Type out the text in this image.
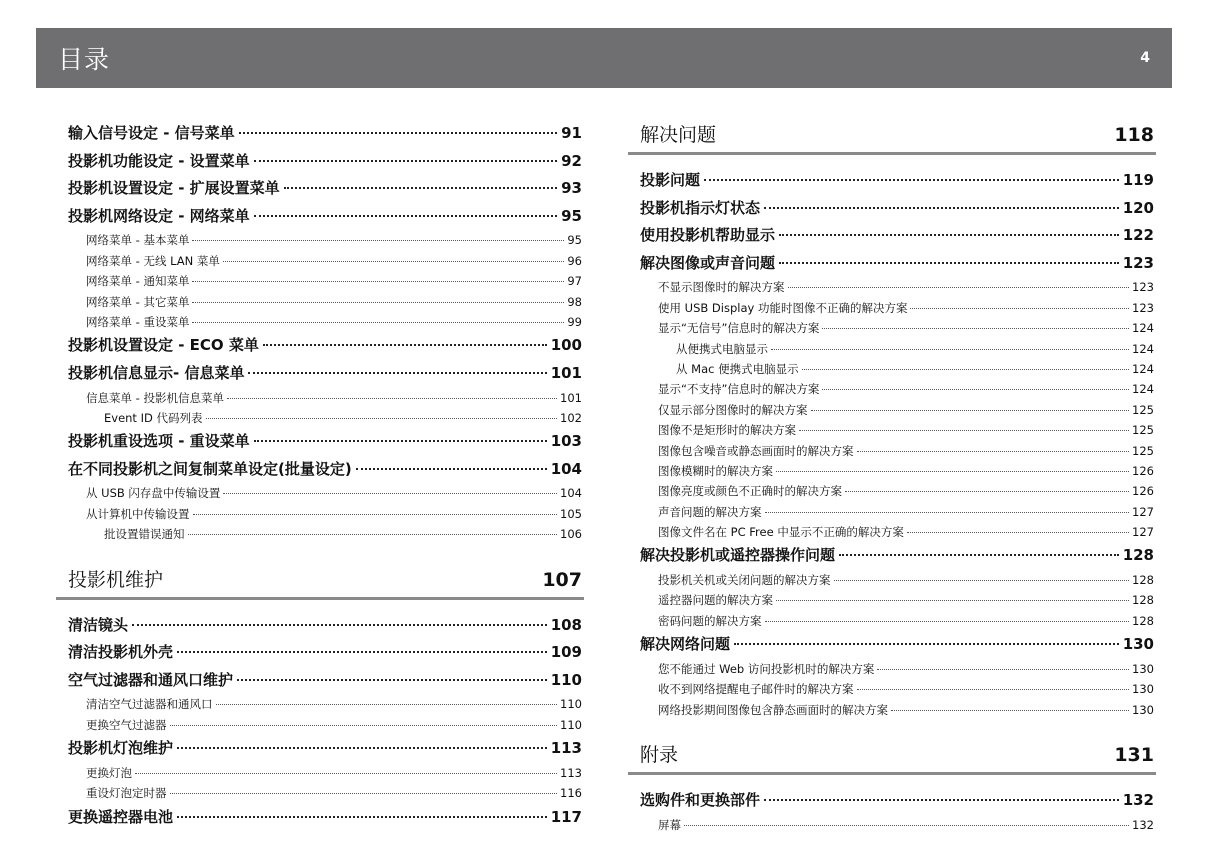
目录	4
输入信号设定 - 信号菜单	91
投影机功能设定 - 设置菜单	92
投影机设置设定 - 扩展设置菜单	93
投影机网络设定 - 网络菜单	95
网络菜单 - 基本菜单	95
网络菜单 - 无线 LAN 菜单	96
网络菜单 - 通知菜单	97
网络菜单 - 其它菜单	98
网络菜单 - 重设菜单	99
投影机设置设定 - ECO 菜单	100
投影机信息显示- 信息菜单	101
信息菜单 - 投影机信息菜单	101
Event ID 代码列表	102
投影机重设选项 - 重设菜单	103
在不同投影机之间复制菜单设定(批量设定)	104
从 USB 闪存盘中传输设置	104
从计算机中传输设置	105
批设置错误通知	106
投影机维护	107
清洁镜头	108
清洁投影机外壳	109
空气过滤器和通风口维护	110
清洁空气过滤器和通风口	110
更换空气过滤器	110
投影机灯泡维护	113
更换灯泡	113
重设灯泡定时器	116
更换遥控器电池	117
解决问题	118
投影问题	119
投影机指示灯状态	120
使用投影机帮助显示	122
解决图像或声音问题	123
不显示图像时的解决方案	123
使用 USB Display 功能时图像不正确的解决方案	123
显示“无信号”信息时的解决方案	124
从便携式电脑显示	124
从 Mac 便携式电脑显示	124
显示“不支持”信息时的解决方案	124
仅显示部分图像时的解决方案	125
图像不是矩形时的解决方案	125
图像包含噪音或静态画面时的解决方案	125
图像模糊时的解决方案	126
图像亮度或颜色不正确时的解决方案	126
声音问题的解决方案	127
图像文件名在 PC Free 中显示不正确的解决方案	127
解决投影机或遥控器操作问题	128
投影机关机或关闭问题的解决方案	128
遥控器问题的解决方案	128
密码问题的解决方案	128
解决网络问题	130
您不能通过 Web 访问投影机时的解决方案	130
收不到网络提醒电子邮件时的解决方案	130
网络投影期间图像包含静态画面时的解决方案	130
附录	131
选购件和更换部件	132
屏幕	132
